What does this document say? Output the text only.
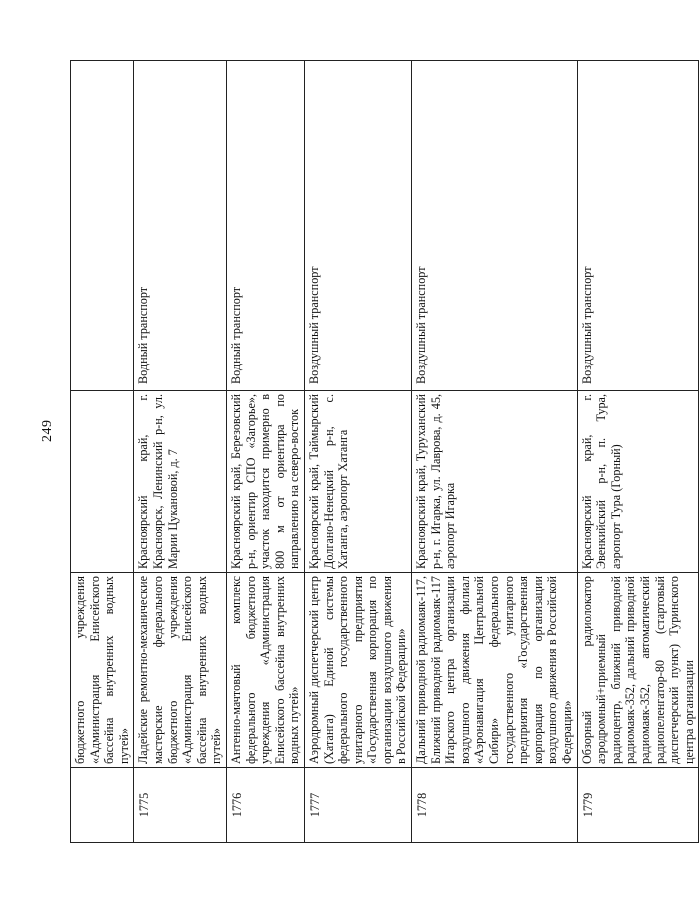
249
	бюджетного учреждения «Администрация Енисейского бассейна внутренних водных путей»		
1775	Ладейские ремонтно-механические мастерские федерального бюджетного учреждения «Администрация Енисейского бассейна внутренних водных путей»	Красноярский край, г. Красноярск, Ленинский р-н, ул. Марии Цукановой, д. 7	Водный транспорт
1776	Антенно-мачтовый комплекс федерального бюджетного учреждения «Администрация Енисейского бассейна внутренних водных путей»	Красноярский край, Березовский р-н, ориентир СПО «Загорье», участок находится примерно в 800 м от ориентира по направлению на северо-восток	Водный транспорт
1777	Аэродромный диспетчерский центр (Хатанга) Единой системы федерального государственного унитарного предприятия «Государственная корпорация по организации воздушного движения в Российской Федерации»	Красноярский край, Таймырский Долгано-Ненецкий р-н, с. Хатанга, аэропорт Хатанга	Воздушный транспорт
1778	Дальний приводной радиомаяк-117, Ближний приводной радиомаяк-117 Игарского центра организации воздушного движения филиал «Аэронавигация Центральной Сибири» федерального государственного унитарного предприятия «Государственная корпорация по организации воздушного движения в Российской Федерации»	Красноярский край, Туруханский р-н, г. Игарка, ул. Лаврова, д. 45, аэропорт Игарка	Воздушный транспорт
1779	Обзорный радиолокатор аэродромный+приемный радиоцентр, ближний приводной радиомаяк-352, дальний приводной радиомаяк-352, автоматический радиопеленгатор-80 (стартовый диспетчерский пункт) Туринского центра организации	Красноярский край, г. Эвенкийский р-н, п. Тура, аэропорт Тура (Горный)	Воздушный транспорт
